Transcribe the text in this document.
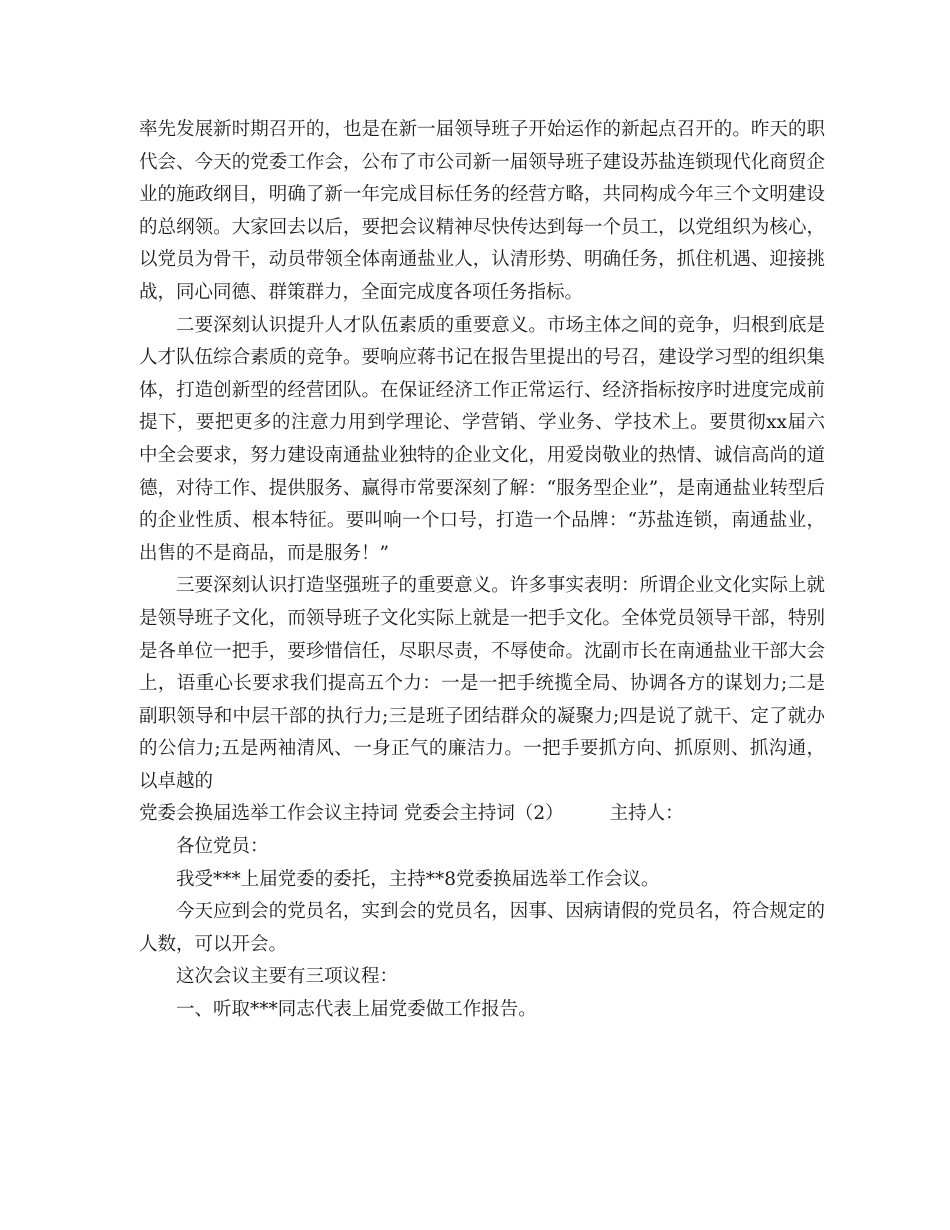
率先发展新时期召开的，也是在新一届领导班子开始运作的新起点召开的。昨天的职代会、今天的党委工作会，公布了市公司新一届领导班子建设苏盐连锁现代化商贸企业的施政纲目，明确了新一年完成目标任务的经营方略，共同构成今年三个文明建设的总纲领。大家回去以后，要把会议精神尽快传达到每一个员工，以党组织为核心，以党员为骨干，动员带领全体南通盐业人，认清形势、明确任务，抓住机遇、迎接挑战，同心同德、群策群力，全面完成度各项任务指标。

二要深刻认识提升人才队伍素质的重要意义。市场主体之间的竞争，归根到底是人才队伍综合素质的竞争。要响应蒋书记在报告里提出的号召，建设学习型的组织集体，打造创新型的经营团队。在保证经济工作正常运行、经济指标按序时进度完成前提下，要把更多的注意力用到学理论、学营销、学业务、学技术上。要贯彻xx届六中全会要求，努力建设南通盐业独特的企业文化，用爱岗敬业的热情、诚信高尚的道德，对待工作、提供服务、赢得市常要深刻了解：“服务型企业”，是南通盐业转型后的企业性质、根本特征。要叫响一个口号，打造一个品牌：“苏盐连锁，南通盐业，出售的不是商品，而是服务！”

三要深刻认识打造坚强班子的重要意义。许多事实表明：所谓企业文化实际上就是领导班子文化，而领导班子文化实际上就是一把手文化。全体党员领导干部，特别是各单位一把手，要珍惜信任，尽职尽责，不辱使命。沈副市长在南通盐业干部大会上，语重心长要求我们提高五个力：一是一把手统揽全局、协调各方的谋划力;二是副职领导和中层干部的执行力;三是班子团结群众的凝聚力;四是说了就干、定了就办的公信力;五是两袖清风、一身正气的廉洁力。一把手要抓方向、抓原则、抓沟通，以卓越的

党委会换届选举工作会议主持词 党委会主持词（2） 主持人：

各位党员：

我受***上届党委的委托，主持**8党委换届选举工作会议。

今天应到会的党员名，实到会的党员名，因事、因病请假的党员名，符合规定的人数，可以开会。

这次会议主要有三项议程：

一、听取***同志代表上届党委做工作报告。
